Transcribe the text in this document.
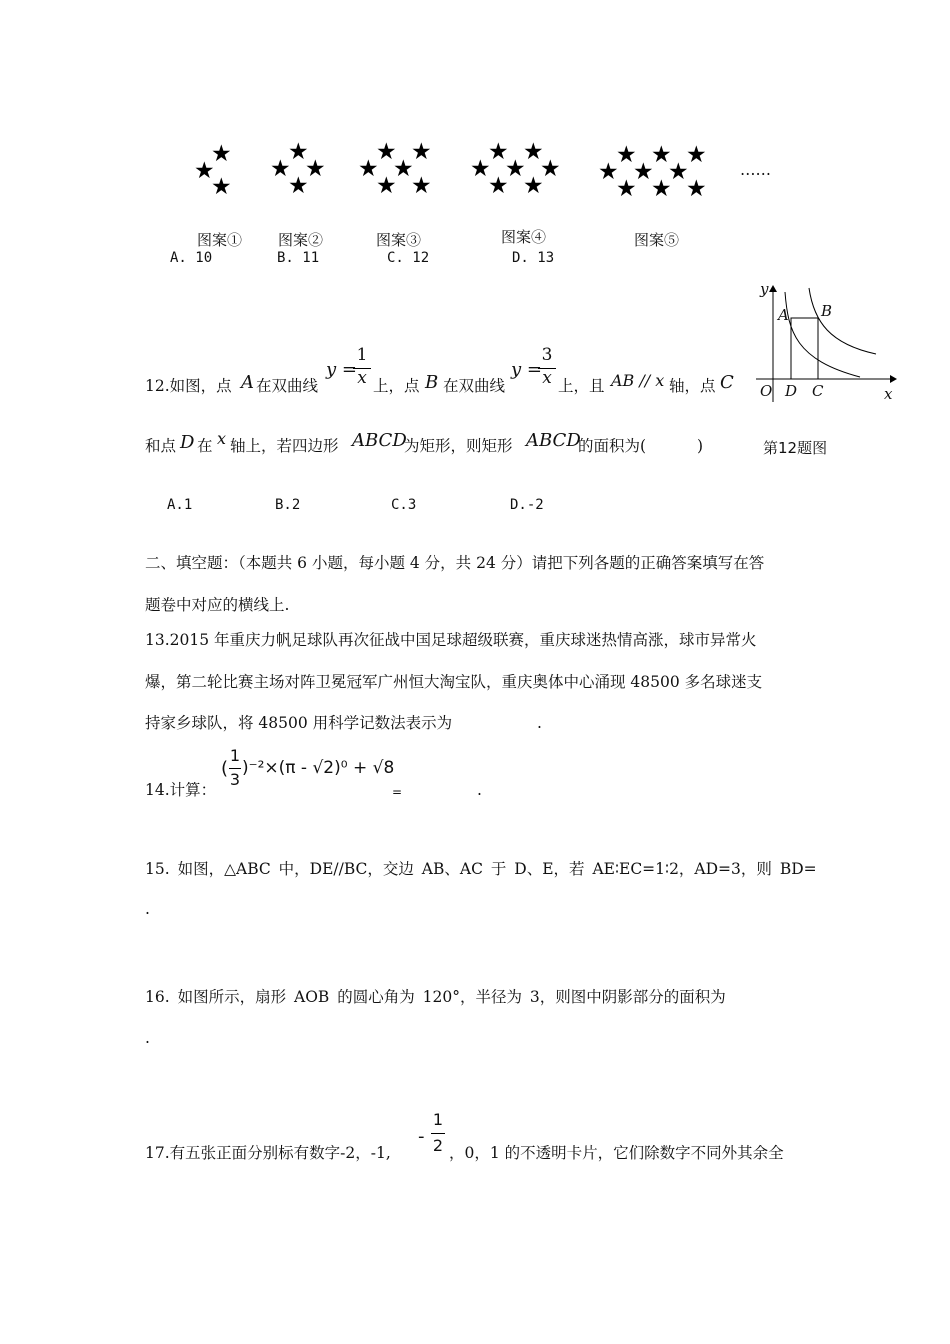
★
★
★
★
★ ★
★
★ ★
★ ★
★ ★
★ ★
★ ★ ★
★ ★
★ ★ ★
★ ★ ★
★ ★ ★
……
图案① 图案②	图案③	图案④	图案⑤
A. 10	B. 11	C. 12	D. 13
y
A B
O D C	x
第12题图
12.如图，点 A 在双曲线
y =
1
x 上，点 B 在双曲线
y =
3
x 上，且 AB // x 轴，点 C
和点 D 在 x 轴上，若四边形 ABCD
为矩形，则矩形 ABCD
的面积为(	)
A.1	B.2	C.3	D.-2
二、填空题：（本题共 6 小题，每小题 4 分，共 24 分）请把下列各题的正确答案填写在答
题卷中对应的横线上.
13.2015 年重庆力帆足球队再次征战中国足球超级联赛，重庆球迷热情高涨，球市异常火
爆，第二轮比赛主场对阵卫冕冠军广州恒大淘宝队，重庆奥体中心涌现 48500 多名球迷支
持家乡球队，将 48500 用科学记数法表示为	.
14.计算：
(
1
3
)⁻²×(π - √2)⁰ + √8
=	.
15. 如图，△ABC 中，DE//BC，交边 AB、AC 于 D、E，若 AE∶EC=1∶2，AD=3，则 BD=
.
16. 如图所示，扇形 AOB 的圆心角为 120°，半径为 3，则图中阴影部分的面积为
.
17.有五张正面分别标有数字-2，-1,
-
1
2 ，0，1 的不透明卡片，它们除数字不同外其余全
